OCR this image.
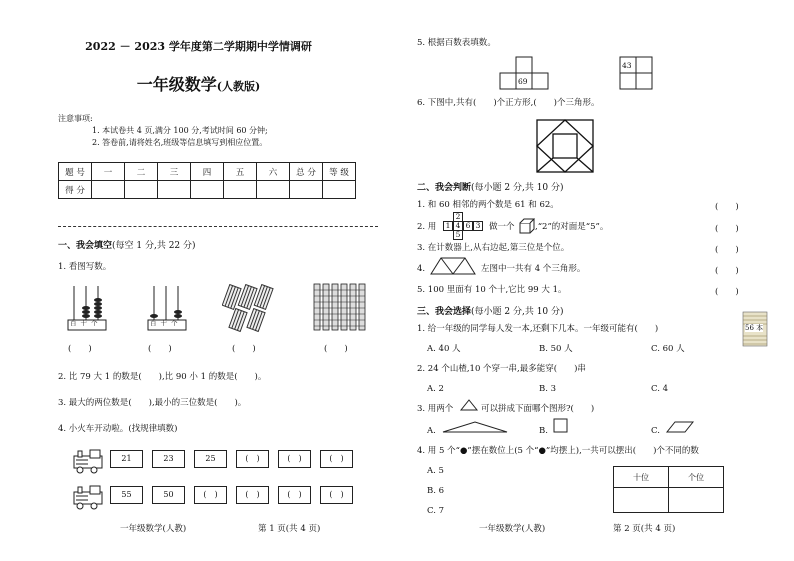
2022 － 2023 学年度第二学期期中学情调研
一年级数学(人教版)
注意事项:
1. 本试卷共 4 页,满分 100 分,考试时间 60 分钟;
2. 答卷前,请将姓名,班级等信息填写到相应位置。
题 号	一	二	三	四	五	六	总 分	等 级
得 分								
一、我会填空(每空 1 分,共 22 分)
1. 看图写数。
百十个	百十个
(　　)	(　　)	(　　)	(　　)
2. 比 79 大 1 的数是(　　),比 90 小 1 的数是(　　)。
3. 最大的两位数是(　　),最小的三位数是(　　)。
4. 小火车开动啦。(找规律填数)
21	23	25	(　)	(　)	(　)
55	50	(　)	(　)	(　)	(　)
一年级数学(人教)	第 1 页(共 4 页)
5. 根据百数表填数。
69
43
6. 下图中,共有(　　)个正方形,(　　)个三角形。
二、我会判断(每小题 2 分,共 10 分)
1. 和 60 相邻的两个数是 61 和 62。	(　　)
2. 用
2
1 4 6 3
5
做一个 ,“2”的对面是“5”。	(　　)
3. 在计数器上,从右边起,第三位是个位。	(　　)
4.	左图中一共有 4 个三角形。	(　　)
5. 100 里面有 10 个十,它比 99 大 1。	(　　)
三、我会选择(每小题 2 分,共 10 分)
1. 给一年级的同学每人发一本,还剩下几本。一年级可能有(　　)	56 本
A. 40 人	B. 50 人	C. 60 人
2. 24 个山楂,10 个穿一串,最多能穿(　　)串
A. 2	B. 3	C. 4
3. 用两个	可以拼成下面哪个图形?(　　)
A.	B.	C.
4. 用 5 个“●”摆在数位上(5 个“●”均摆上),一共可以摆出(　　)个不同的数
A. 5
B. 6
C. 7
十位	个位

一年级数学(人教)	第 2 页(共 4 页)
